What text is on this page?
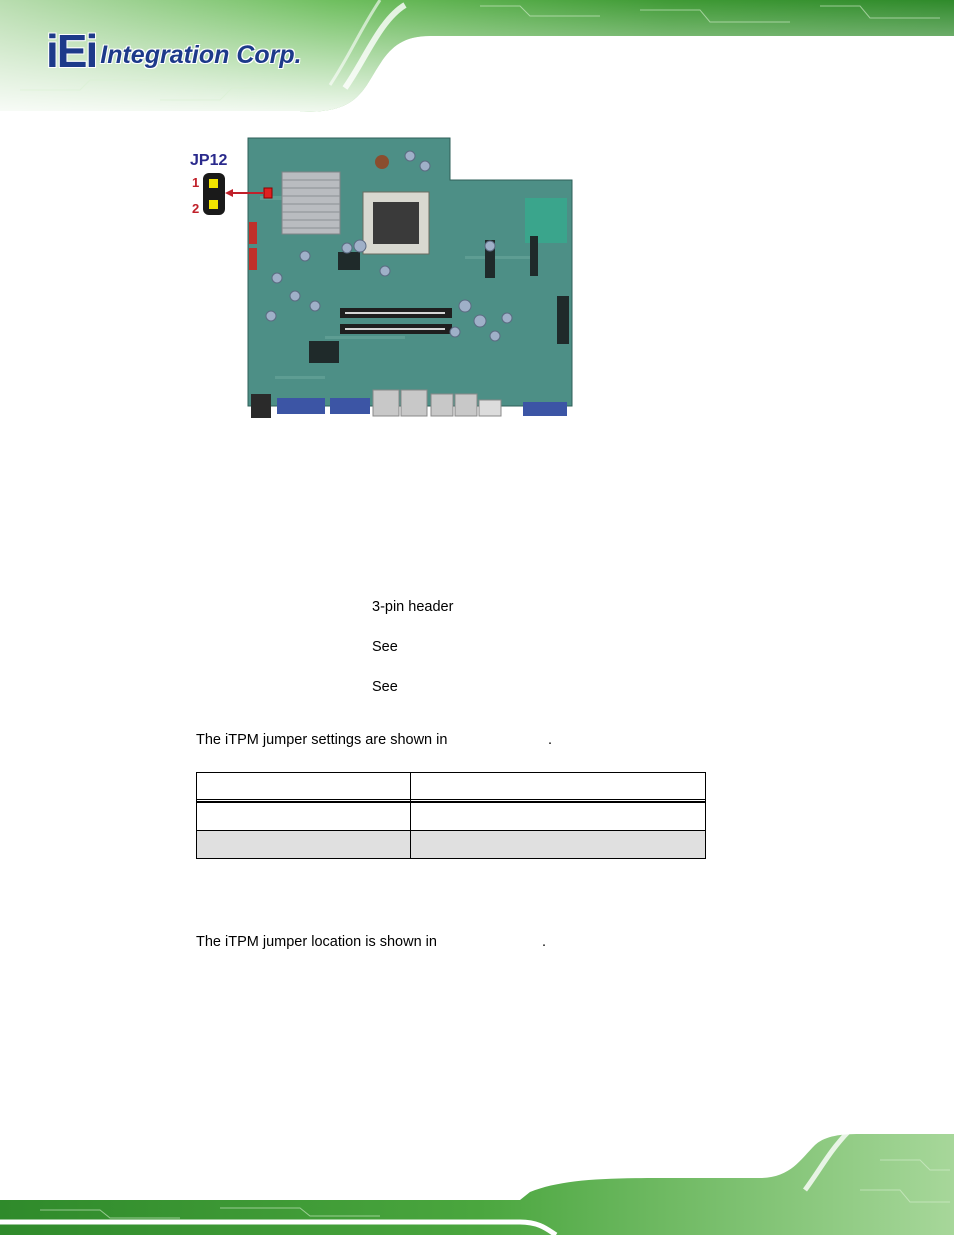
iEi Integration Corp.
JP12
1
2
3-pin header
See
See
The iTPM jumper settings are shown in	.

The iTPM jumper location is shown in	.
